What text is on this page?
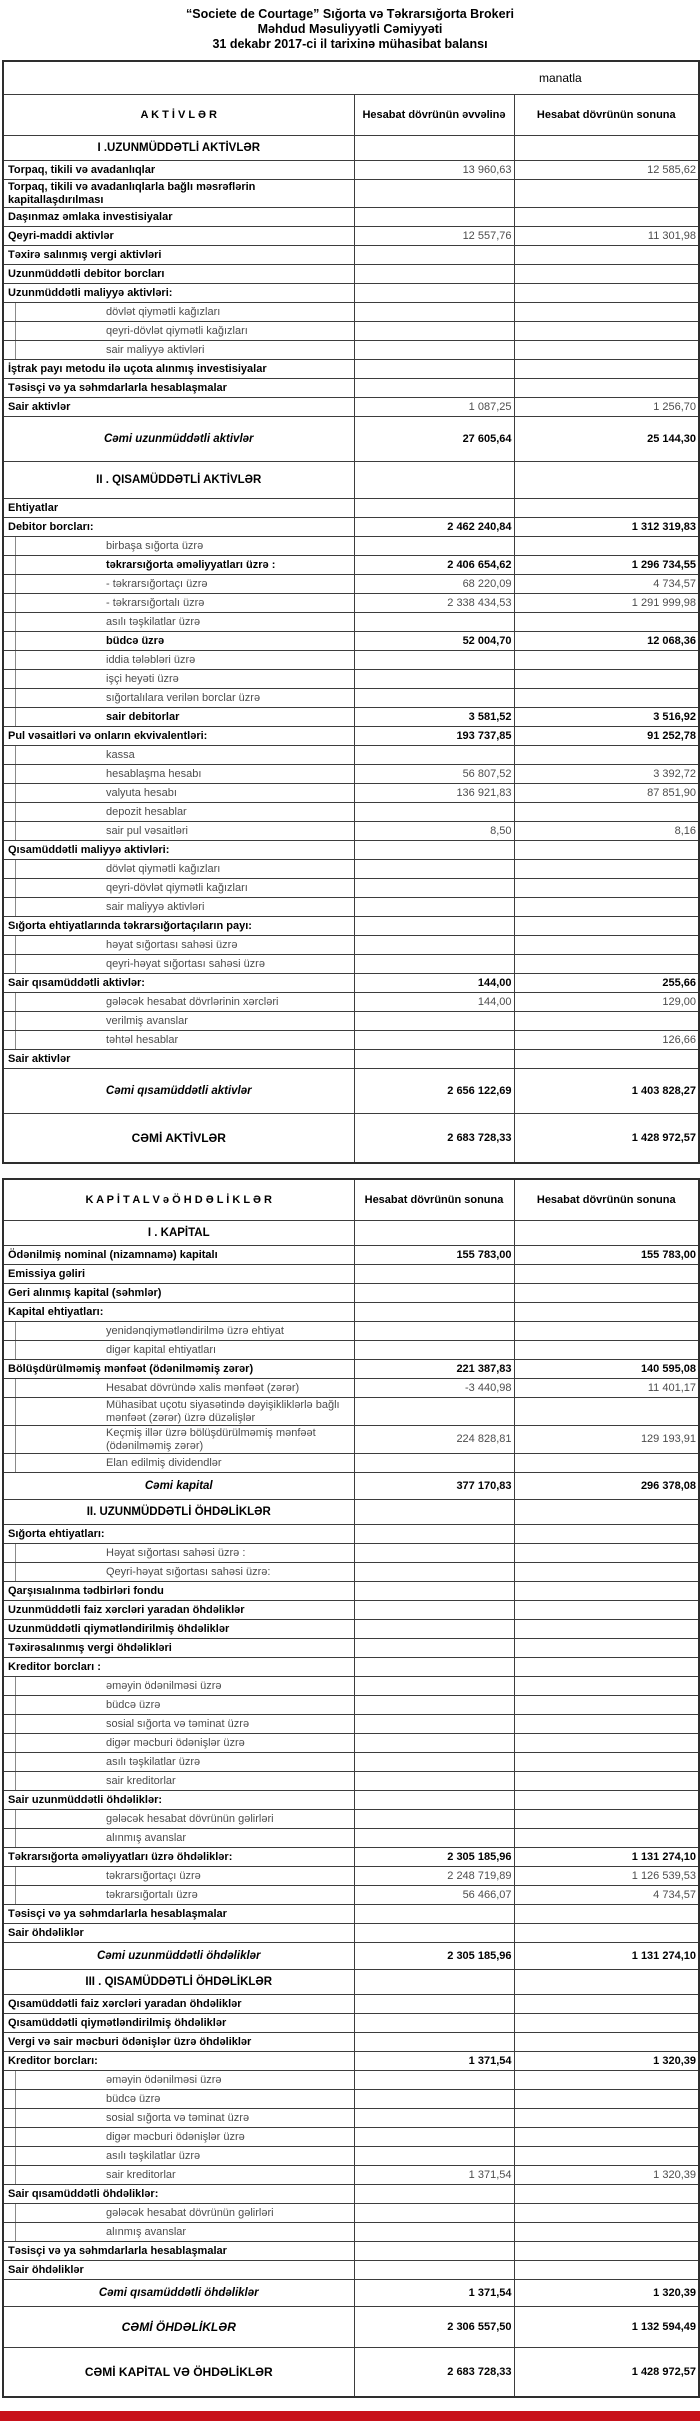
“Societe de Courtage” Sığorta və Təkrarsığorta Brokeri
Məhdud Məsuliyyətli Cəmiyyəti
31 dekabr 2017-ci il tarixinə mühasibat balansı
manatla		
A K T İ V L Ə R	Hesabat dövrünün əvvəlinə	Hesabat dövrünün sonuna

I .UZUNMÜDDƏTLİ AKTİVLƏR		

Torpaq, tikili və avadanlıqlar	13 960,63	12 585,62

Torpaq, tikili və avadanlıqlarla bağlı məsrəflərin kapitallaşdırılması		

Daşınmaz əmlaka investisiyalar		

Qeyri-maddi aktivlər	12 557,76	11 301,98

Təxirə salınmış vergi aktivləri		

Uzunmüddətli debitor borcları		

Uzunmüddətli maliyyə aktivləri:		

dövlət qiymətli kağızları		

qeyri-dövlət qiymətli kağızları		

sair maliyyə aktivləri		

İştrak payı metodu ilə uçota alınmış investisiyalar		

Təsisçi və ya səhmdarlarla hesablaşmalar		

Sair aktivlər	1 087,25	1 256,70

Cəmi uzunmüddətli aktivlər	27 605,64	25 144,30

II . QISAMÜDDƏTLİ AKTİVLƏR		

Ehtiyatlar		

Debitor borcları:	2 462 240,84	1 312 319,83

birbaşa sığorta üzrə		

təkrarsığorta əməliyyatları üzrə :	2 406 654,62	1 296 734,55

- təkrarsığortaçı üzrə	68 220,09	4 734,57

- təkrarsığortalı üzrə	2 338 434,53	1 291 999,98

asılı təşkilatlar üzrə		

büdcə üzrə	52 004,70	12 068,36

iddia tələbləri üzrə		

işçi heyəti üzrə		

sığortalılara verilən borclar üzrə		

sair debitorlar	3 581,52	3 516,92

Pul vəsaitləri və onların ekvivalentləri:	193 737,85	91 252,78

kassa		

hesablaşma hesabı	56 807,52	3 392,72

valyuta hesabı	136 921,83	87 851,90

depozit hesablar		

sair pul vəsaitləri	8,50	8,16

Qısamüddətli maliyyə aktivləri:		

dövlət qiymətli kağızları		

qeyri-dövlət qiymətli kağızları		

sair maliyyə aktivləri		

Sığorta ehtiyatlarında təkrarsığortaçıların payı:		

həyat sığortası sahəsi üzrə		

qeyri-həyat sığortası sahəsi üzrə		

Sair qısamüddətli aktivlər:	144,00	255,66

gələcək hesabat dövrlərinin xərcləri	144,00	129,00

verilmiş avanslar		

təhtəl hesablar		126,66

Sair aktivlər		

Cəmi qısamüddətli aktivlər	2 656 122,69	1 403 828,27

CƏMİ AKTİVLƏR	2 683 728,33	1 428 972,57
K A P İ T A L V ə Ö H D Ə L İ K L Ə R	Hesabat dövrünün sonuna	Hesabat dövrünün sonuna

I . KAPİTAL		

Ödənilmiş nominal (nizamnamə) kapitalı	155 783,00	155 783,00

Emissiya gəliri		

Geri alınmış kapital (səhmlər)		

Kapital ehtiyatları:		

yenidənqiymətləndirilmə üzrə ehtiyat		

digər kapital ehtiyatları		

Bölüşdürülməmiş mənfəət (ödənilməmiş zərər)	221 387,83	140 595,08

Hesabat dövründə xalis mənfəət (zərər)	-3 440,98	11 401,17

Mühasibat uçotu siyasətində dəyişikliklərlə bağlı mənfəət (zərər) üzrə düzəlişlər		

Keçmiş illər üzrə bölüşdürülməmiş mənfəət (ödənilməmiş zərər)	224 828,81	129 193,91

Elan edilmiş dividendlər		

Cəmi kapital	377 170,83	296 378,08

II. UZUNMÜDDƏTLİ ÖHDƏLİKLƏR		

Sığorta ehtiyatları:		

Həyat sığortası sahəsi üzrə :		

Qeyri-həyat sığortası sahəsi üzrə:		

Qarşısıalınma tədbirləri fondu		

Uzunmüddətli faiz xərcləri yaradan öhdəliklər		

Uzunmüddətli qiymətləndirilmiş öhdəliklər		

Təxirəsalınmış vergi öhdəlikləri		

Kreditor borcları :		

əməyin ödənilməsi üzrə		

büdcə üzrə		

sosial sığorta və təminat üzrə		

digər məcburi ödənişlər üzrə		

asılı təşkilatlar üzrə		

sair kreditorlar		

Sair uzunmüddətli öhdəliklər:		

gələcək hesabat dövrünün gəlirləri		

alınmış avanslar		

Təkrarsığorta əməliyyatları üzrə öhdəliklər:	2 305 185,96	1 131 274,10

təkrarsığortaçı üzrə	2 248 719,89	1 126 539,53

təkrarsığortalı üzrə	56 466,07	4 734,57

Təsisçi və ya səhmdarlarla hesablaşmalar		

Sair öhdəliklər		

Cəmi uzunmüddətli öhdəliklər	2 305 185,96	1 131 274,10

III . QISAMÜDDƏTLİ ÖHDƏLİKLƏR		

Qısamüddətli faiz xərcləri yaradan öhdəliklər		

Qısamüddətli qiymətləndirilmiş öhdəliklər		

Vergi və sair məcburi ödənişlər üzrə öhdəliklər		

Kreditor borcları:	1 371,54	1 320,39

əməyin ödənilməsi üzrə		

büdcə üzrə		

sosial sığorta və təminat üzrə		

digər məcburi ödənişlər üzrə		

asılı təşkilatlar üzrə		

sair kreditorlar	1 371,54	1 320,39

Sair qısamüddətli öhdəliklər:		

gələcək hesabat dövrünün gəlirləri		

alınmış avanslar		

Təsisçi və ya səhmdarlarla hesablaşmalar		

Sair öhdəliklər		

Cəmi qısamüddətli öhdəliklər	1 371,54	1 320,39

CƏMİ ÖHDƏLİKLƏR	2 306 557,50	1 132 594,49

CƏMİ KAPİTAL VƏ ÖHDƏLİKLƏR	2 683 728,33	1 428 972,57
